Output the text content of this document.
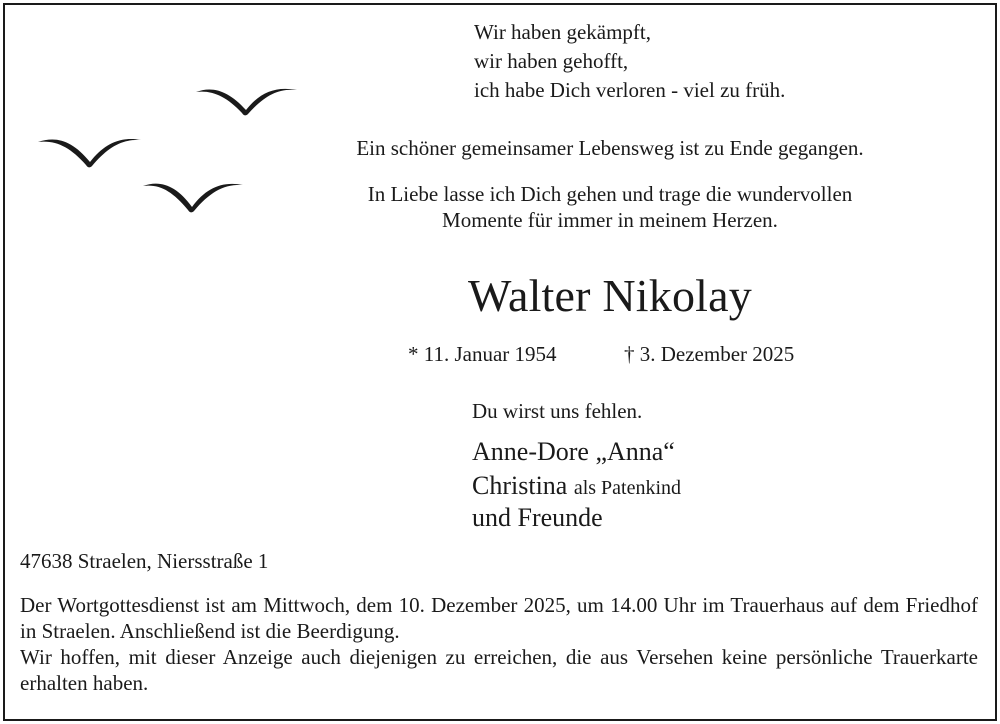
Wir haben gekämpft,
wir haben gehofft,
ich habe Dich verloren - viel zu früh.
Ein schöner gemeinsamer Lebensweg ist zu Ende gegangen.
In Liebe lasse ich Dich gehen und trage die wundervollen
Momente für immer in meinem Herzen.
Walter Nikolay
* 11. Januar 1954	† 3. Dezember 2025
Du wirst uns fehlen.
Anne-Dore „Anna“
Christina als Patenkind
und Freunde
47638 Straelen, Niersstraße 1

Der Wortgottesdienst ist am Mittwoch, dem 10. Dezember 2025, um 14.00 Uhr im Trauerhaus auf dem Friedhof in Straelen. Anschließend ist die Beerdigung.

Wir hoffen, mit dieser Anzeige auch diejenigen zu erreichen, die aus Versehen keine persönliche Trauerkarte erhalten haben.
